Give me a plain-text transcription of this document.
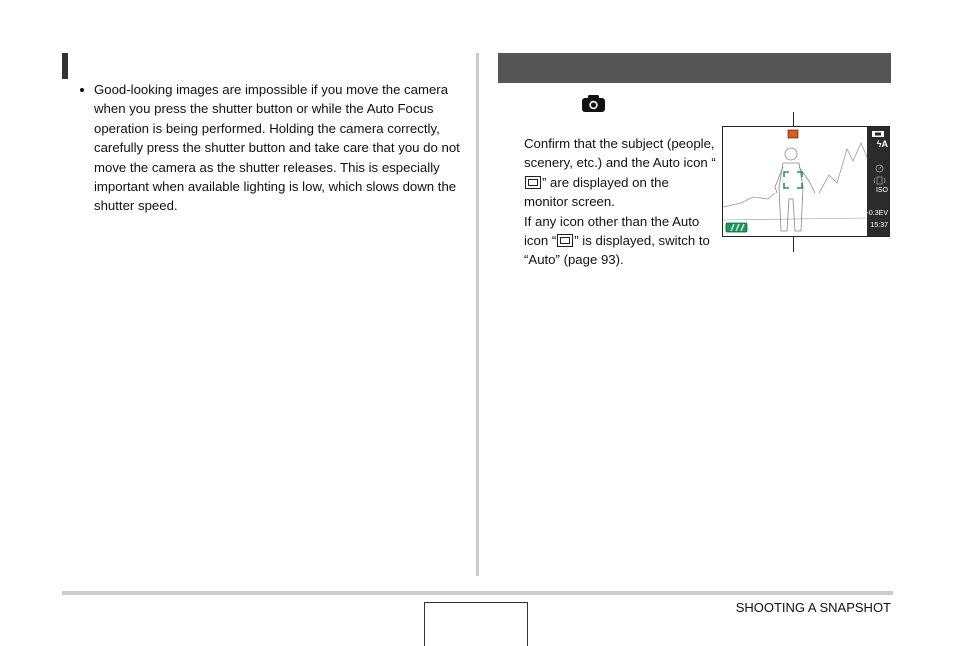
Good-looking images are impossible if you move the camera when you press the shutter button or while the Auto Focus operation is being performed. Holding the camera correctly, carefully press the shutter button and take care that you do not move the camera as the shutter releases. This is especially important when available lighting is low, which slows down the shutter speed.

Confirm that the subject (people, scenery, etc.) and the Auto icon “” are displayed on the monitor screen.

If any icon other than the Auto icon “ ” is displayed, switch to “Auto” (page 93).

ϟA
ISO
-0.3EV
15:37
SHOOTING A SNAPSHOT
